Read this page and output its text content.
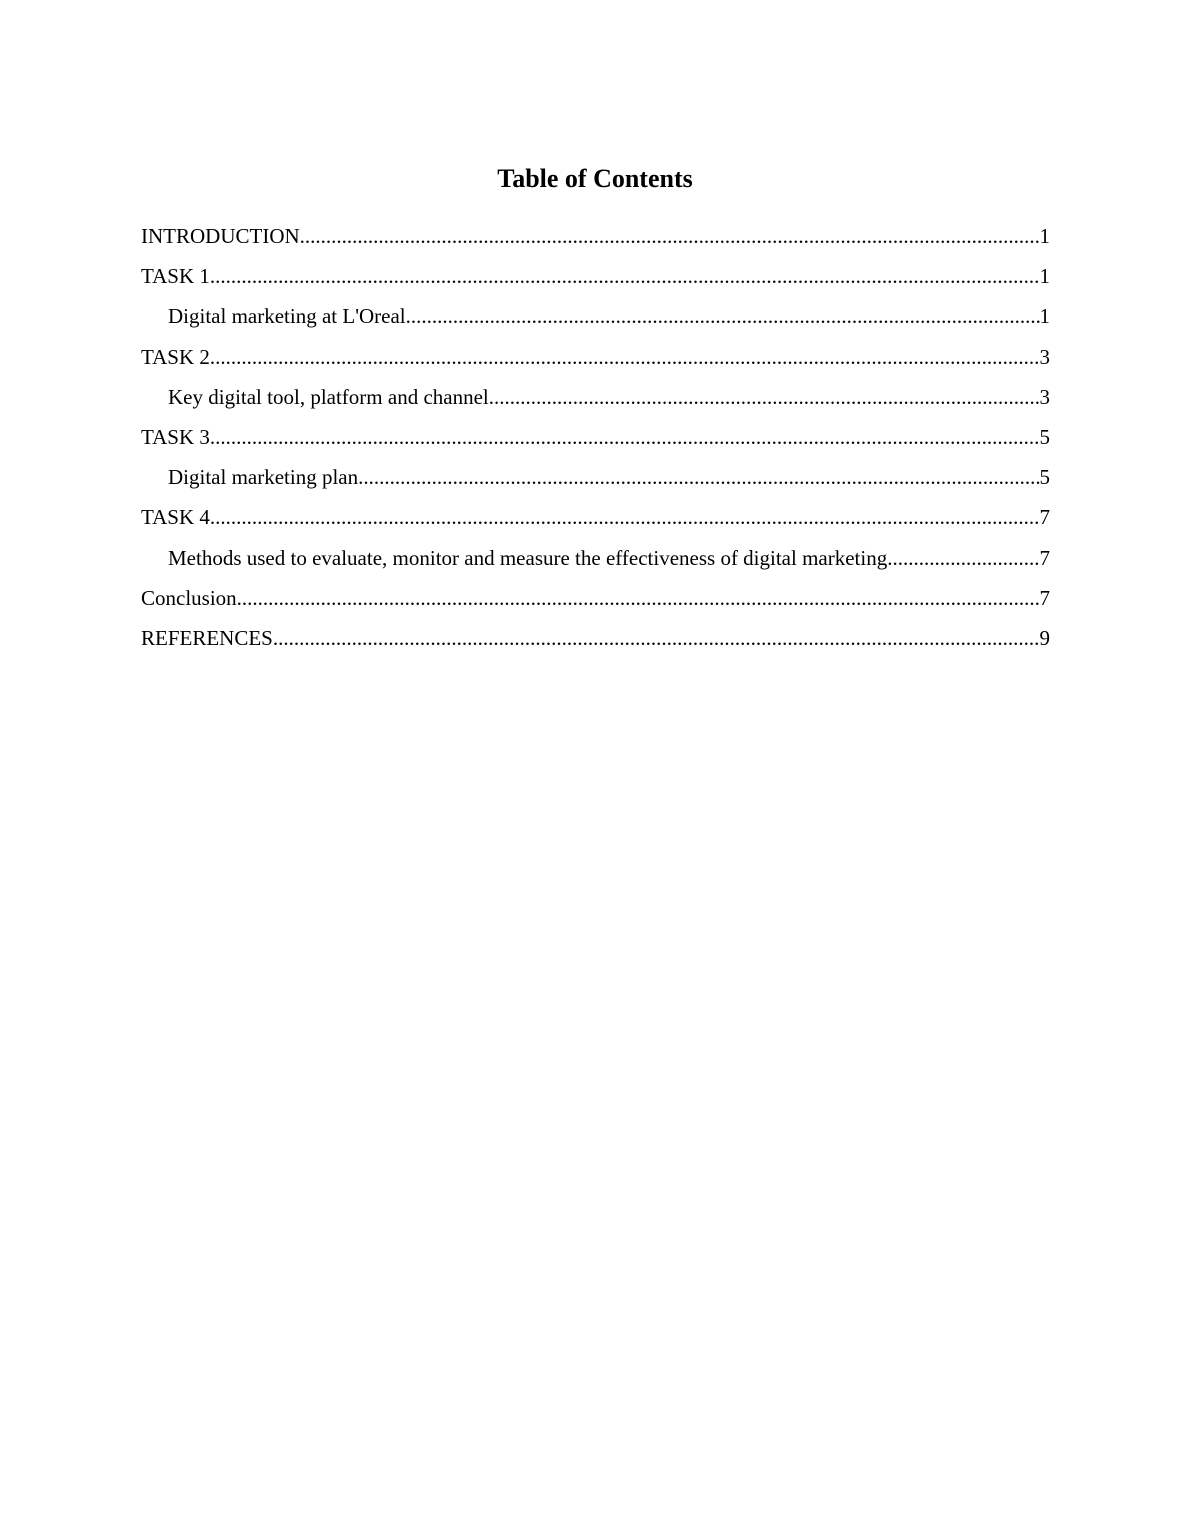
Table of Contents
INTRODUCTION .....	1
TASK 1 .....	1
Digital marketing at L'Oreal .....	1
TASK 2 .....	3
Key digital tool, platform and channel .....	3
TASK 3 .....	5
Digital marketing plan .....	5
TASK 4 .....	7
Methods used to evaluate, monitor and measure the effectiveness of digital marketing .....	7
Conclusion .....	7
REFERENCES .....	9
